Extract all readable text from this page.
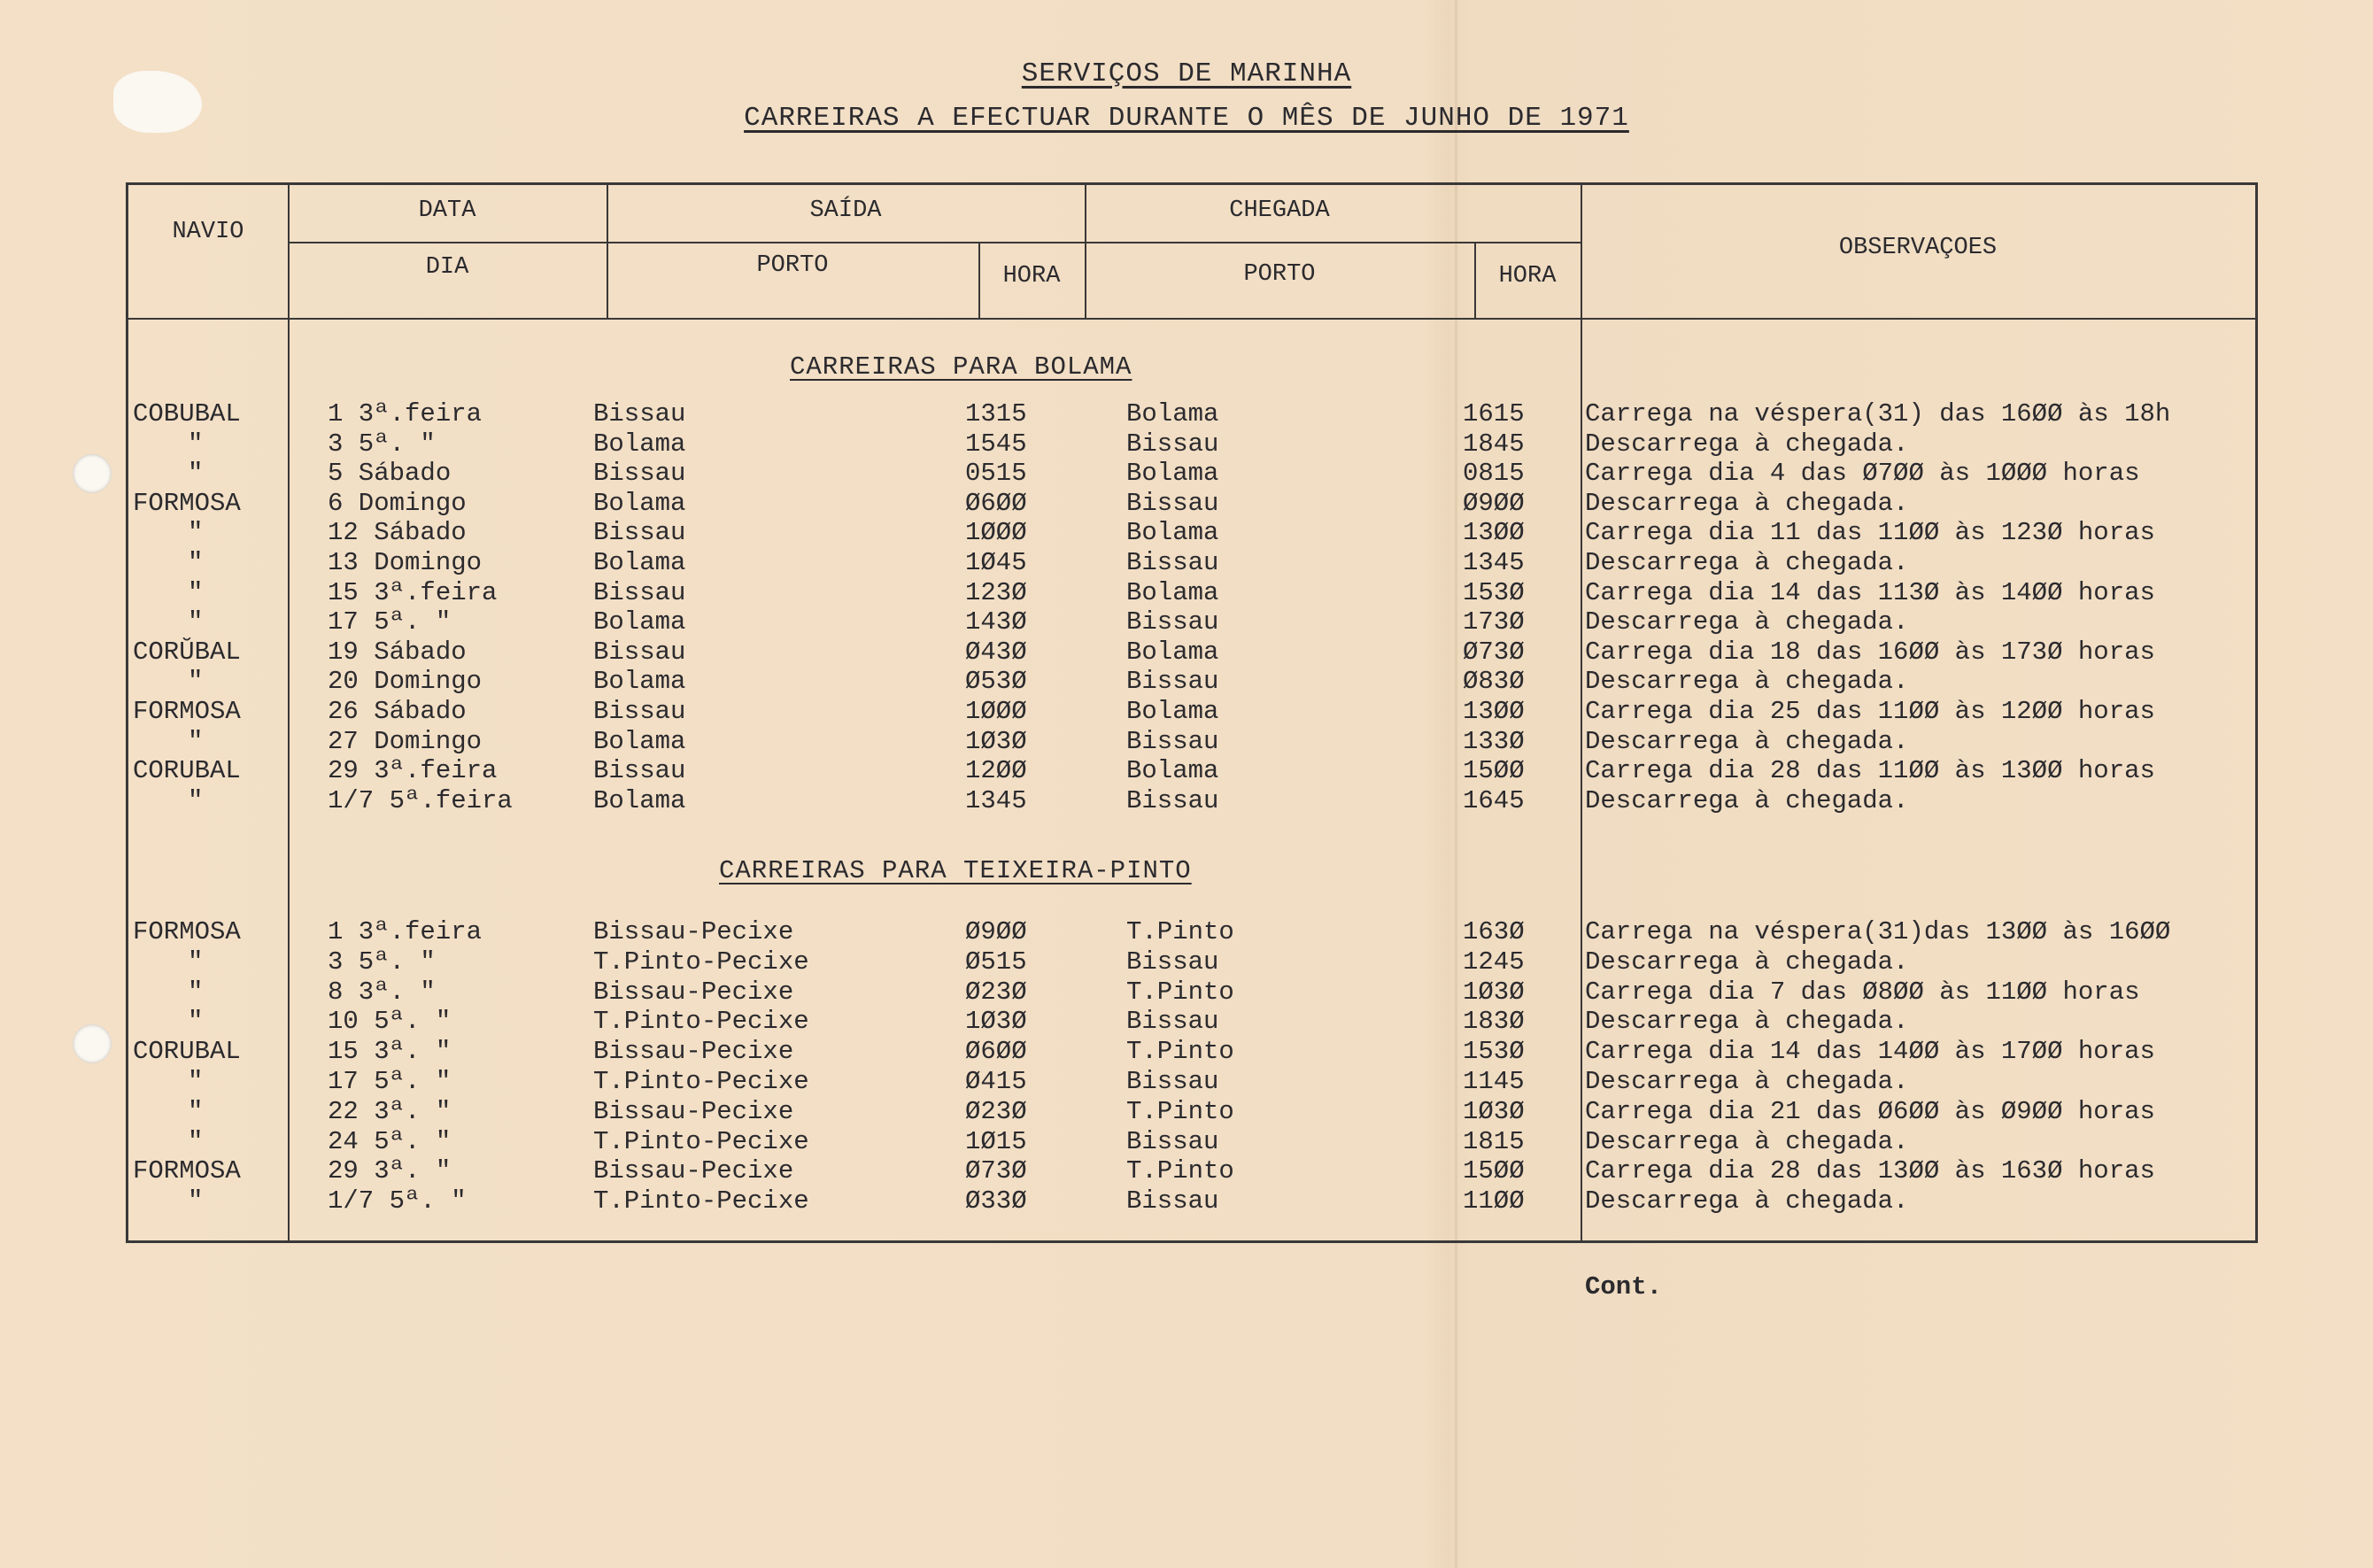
SERVIÇOS DE MARINHA
CARREIRAS A EFECTUAR DURANTE O MÊS DE JUNHO DE 1971
NAVIO
DATA
DIA
SAÍDA
PORTO	HORA
CHEGADA
PORTO	HORA
OBSERVAÇOES
CARREIRAS PARA BOLAMA
COBUBAL	1 3ª.feira	Bissau	1315	Bolama	1615 Carrega na véspera(31) das 16ØØ às 18h
"	3 5ª. "	Bolama	1545	Bissau	1845 Descarrega à chegada.
"	5 Sábado	Bissau	0515	Bolama	0815 Carrega dia 4 das Ø7ØØ às 1ØØØ horas
FORMOSA	6 Domingo	Bolama	Ø6ØØ	Bissau	Ø9ØØ Descarrega à chegada.
"	12 Sábado	Bissau	1ØØØ	Bolama	13ØØ Carrega dia 11 das 11ØØ às 123Ø horas
"	13 Domingo	Bolama	1Ø45	Bissau	1345 Descarrega à chegada.
"	15 3ª.feira	Bissau	123Ø	Bolama	153Ø Carrega dia 14 das 113Ø às 14ØØ horas
"	17 5ª. "	Bolama	143Ø	Bissau	173Ø Descarrega à chegada.
CORŬBAL	19 Sábado	Bissau	Ø43Ø	Bolama	Ø73Ø Carrega dia 18 das 16ØØ às 173Ø horas
"	20 Domingo	Bolama	Ø53Ø	Bissau	Ø83Ø Descarrega à chegada.
FORMOSA	26 Sábado	Bissau	1ØØØ	Bolama	13ØØ Carrega dia 25 das 11ØØ às 12ØØ horas
"	27 Domingo	Bolama	1Ø3Ø	Bissau	133Ø Descarrega à chegada.
CORUBAL	29 3ª.feira	Bissau	12ØØ	Bolama	15ØØ Carrega dia 28 das 11ØØ às 13ØØ horas
"	1/7 5ª.feira	Bolama	1345	Bissau	1645 Descarrega à chegada.
CARREIRAS PARA TEIXEIRA-PINTO
FORMOSA	1 3ª.feira	Bissau-Pecixe	Ø9ØØ	T.Pinto	163Ø Carrega na véspera(31)das 13ØØ às 16ØØ
"	3 5ª. "	T.Pinto-Pecixe	Ø515	Bissau	1245 Descarrega à chegada.
"	8 3ª. "	Bissau-Pecixe	Ø23Ø	T.Pinto	1Ø3Ø Carrega dia 7 das Ø8ØØ às 11ØØ horas
"	10 5ª. "	T.Pinto-Pecixe	1Ø3Ø	Bissau	183Ø Descarrega à chegada.
CORUBAL	15 3ª. "	Bissau-Pecixe	Ø6ØØ	T.Pinto	153Ø Carrega dia 14 das 14ØØ às 17ØØ horas
"	17 5ª. "	T.Pinto-Pecixe	Ø415	Bissau	1145 Descarrega à chegada.
"	22 3ª. "	Bissau-Pecixe	Ø23Ø	T.Pinto	1Ø3Ø Carrega dia 21 das Ø6ØØ às Ø9ØØ horas
"	24 5ª. "	T.Pinto-Pecixe	1Ø15	Bissau	1815 Descarrega à chegada.
FORMOSA	29 3ª. "	Bissau-Pecixe	Ø73Ø	T.Pinto	15ØØ Carrega dia 28 das 13ØØ às 163Ø horas
"	1/7 5ª. "	T.Pinto-Pecixe	Ø33Ø	Bissau	11ØØ Descarrega à chegada.
Cont.
